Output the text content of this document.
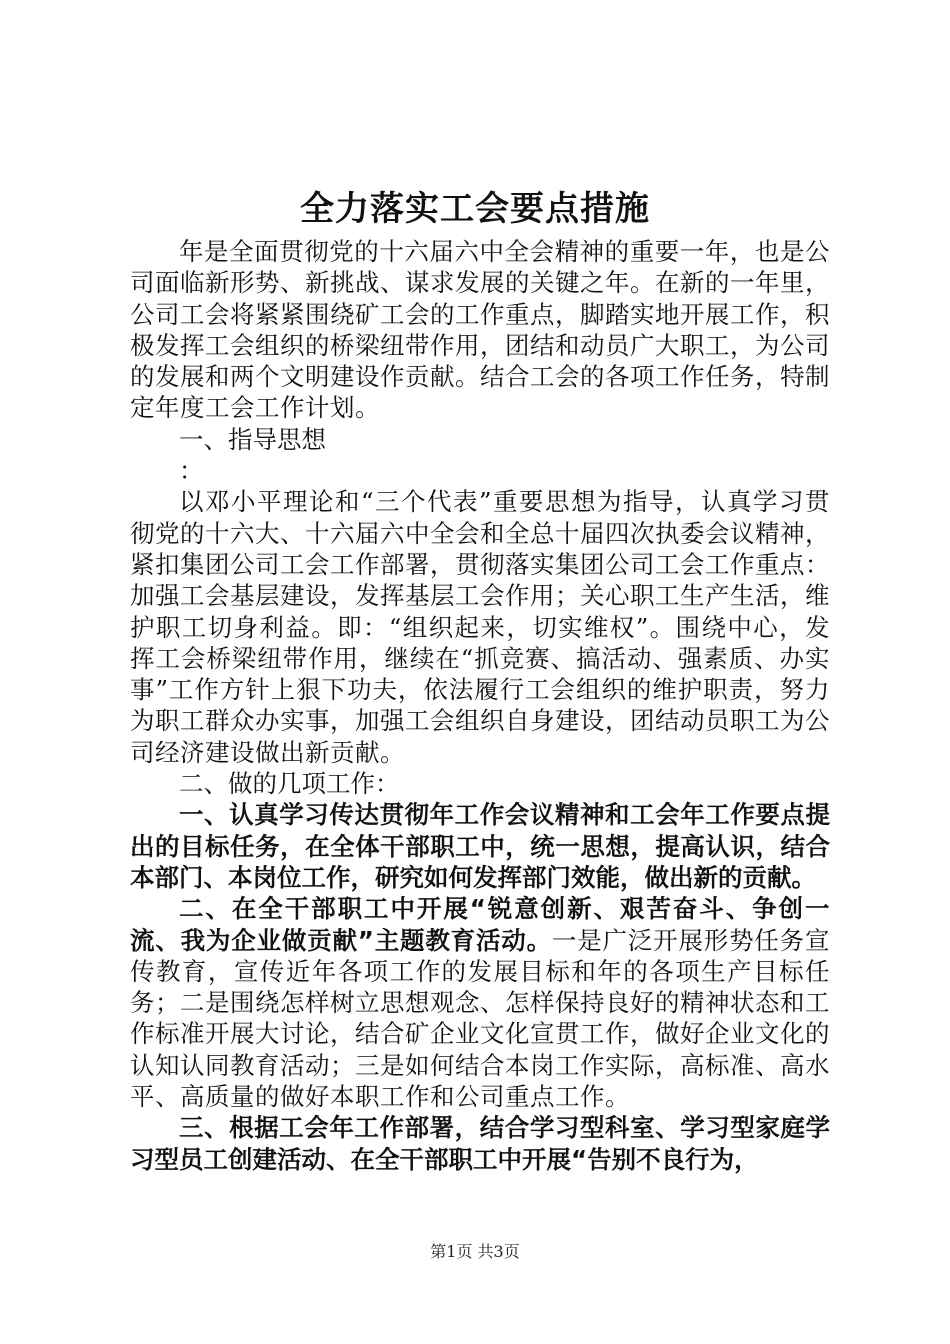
全力落实工会要点措施

年是全面贯彻党的十六届六中全会精神的重要一年，也是公司面临新形势、新挑战、谋求发展的关键之年。在新的一年里，公司工会将紧紧围绕矿工会的工作重点，脚踏实地开展工作，积极发挥工会组织的桥梁纽带作用，团结和动员广大职工，为公司的发展和两个文明建设作贡献。结合工会的各项工作任务，特制定年度工会工作计划。

一、指导思想

：

以邓小平理论和“三个代表”重要思想为指导，认真学习贯彻党的十六大、十六届六中全会和全总十届四次执委会议精神，紧扣集团公司工会工作部署，贯彻落实集团公司工会工作重点：加强工会基层建设，发挥基层工会作用；关心职工生产生活，维护职工切身利益。即：“组织起来，切实维权”。围绕中心，发挥工会桥梁纽带作用，继续在“抓竞赛、搞活动、强素质、办实事”工作方针上狠下功夫，依法履行工会组织的维护职责，努力为职工群众办实事，加强工会组织自身建设，团结动员职工为公司经济建设做出新贡献。

二、做的几项工作：

一、认真学习传达贯彻年工作会议精神和工会年工作要点提出的目标任务，在全体干部职工中，统一思想，提高认识，结合本部门、本岗位工作，研究如何发挥部门效能，做出新的贡献。

二、在全干部职工中开展“锐意创新、艰苦奋斗、争创一流、我为企业做贡献”主题教育活动。一是广泛开展形势任务宣传教育，宣传近年各项工作的发展目标和年的各项生产目标任务；二是围绕怎样树立思想观念、怎样保持良好的精神状态和工作标准开展大讨论，结合矿企业文化宣贯工作，做好企业文化的认知认同教育活动；三是如何结合本岗工作实际，高标准、高水平、高质量的做好本职工作和公司重点工作。

三、根据工会年工作部署，结合学习型科室、学习型家庭学习型员工创建活动、在全干部职工中开展“告别不良行为，

第1页 共3页
